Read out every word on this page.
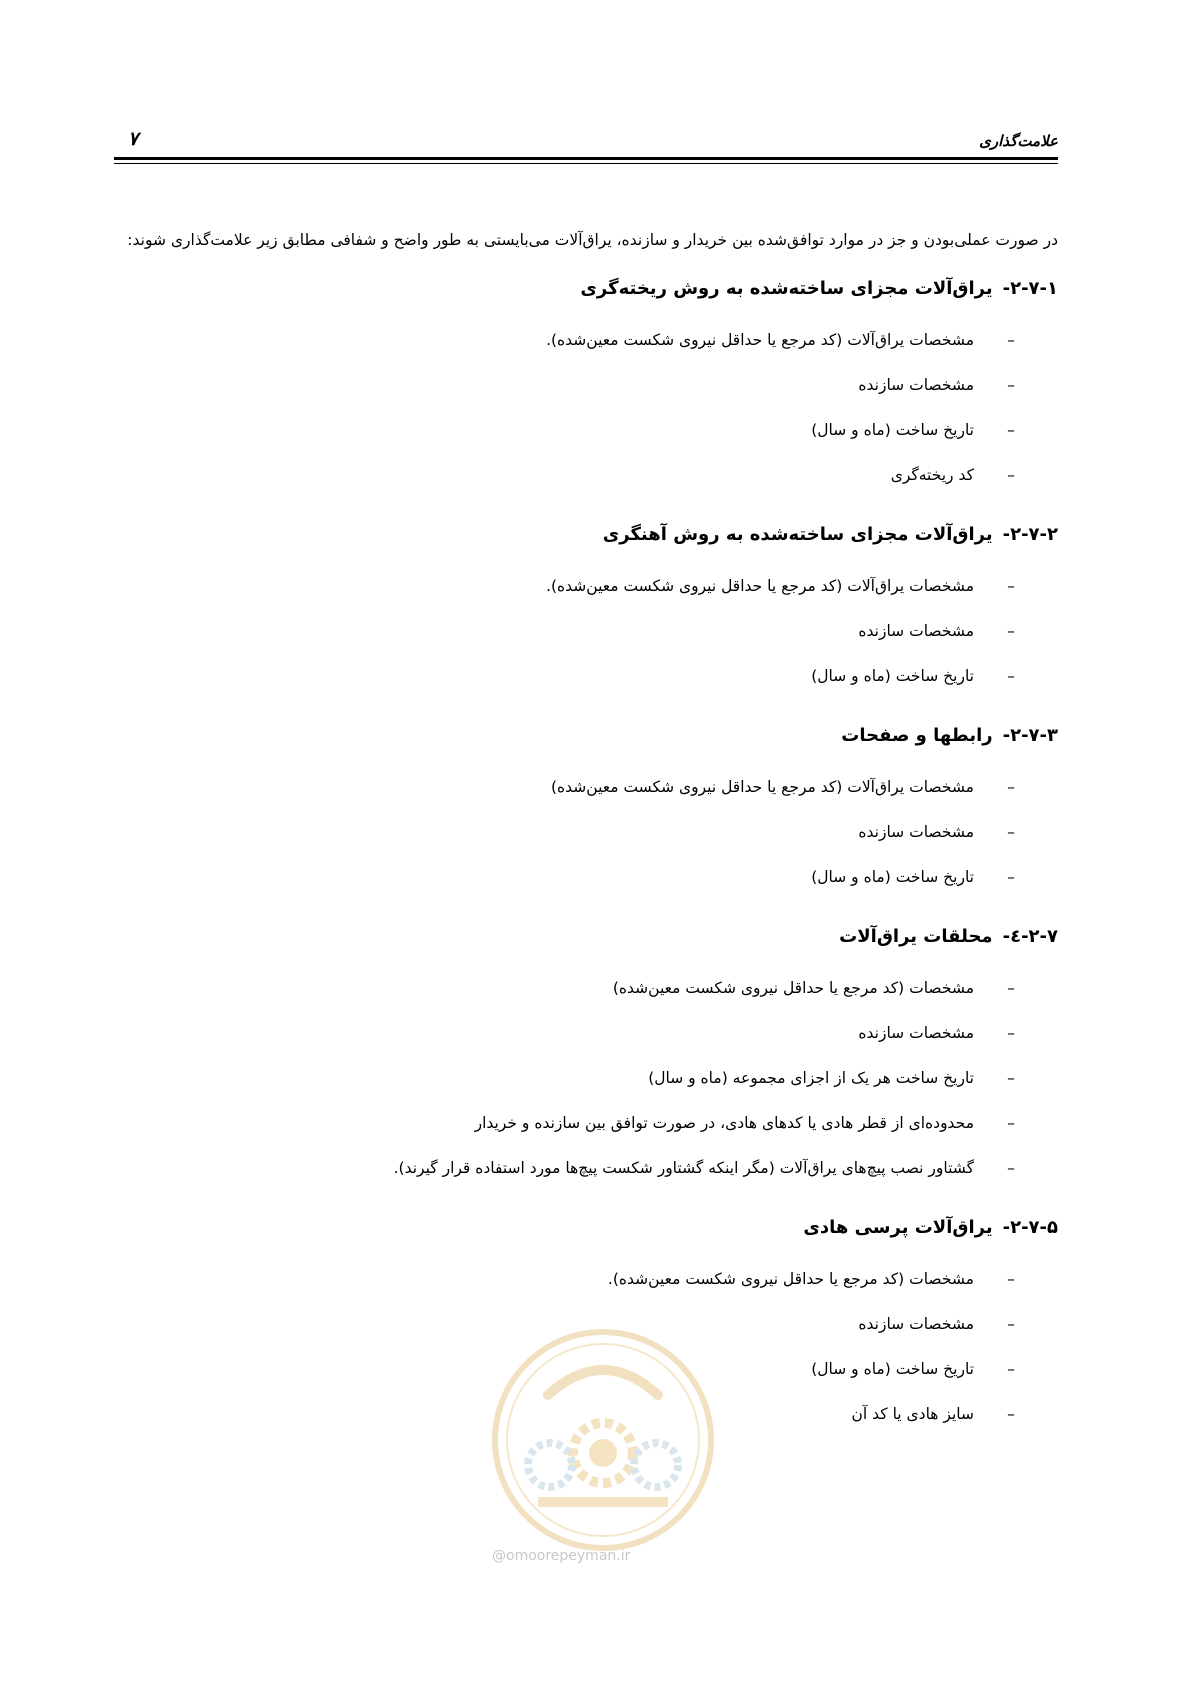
علامت‌گذاری
۷

در صورت عملی‌بودن و جز در موارد توافق‌شده بین خریدار و سازنده، یراق‌آلات می‌بایستی به طور واضح و شفافی مطابق زیر علامت‌گذاری شوند:

۲-۷-۱-یراق‌آلات مجزای ساخته‌شده به روش ریخته‌گری
–
مشخصات یراق‌آلات (کد مرجع یا حداقل نیروی شکست معین‌شده).
–
مشخصات سازنده
–
تاریخ ساخت (ماه و سال)
–
کد ریخته‌گری
۲-۷-۲-یراق‌آلات مجزای ساخته‌شده به روش آهنگری
–
مشخصات یراق‌آلات (کد مرجع یا حداقل نیروی شکست معین‌شده).
–
مشخصات سازنده
–
تاریخ ساخت (ماه و سال)
۲-۷-۳-رابطها و صفحات
–
مشخصات یراق‌آلات (کد مرجع یا حداقل نیروی شکست معین‌شده)
–
مشخصات سازنده
–
تاریخ ساخت (ماه و سال)
۲-۷-٤-محلقات یراق‌آلات
–
مشخصات (کد مرجع یا حداقل نیروی شکست معین‌شده)
–
مشخصات سازنده
–
تاریخ ساخت هر یک از اجزای مجموعه (ماه و سال)
–
محدوده‌ای از قطر هادی یا کدهای هادی، در صورت توافق بین سازنده و خریدار
–
گشتاور نصب پیچ‌های یراق‌آلات (مگر اینکه گشتاور شکست پیچ‌ها مورد استفاده قرار گیرند).
۲-۷-۵-یراق‌آلات پرسی هادی
–
مشخصات (کد مرجع یا حداقل نیروی شکست معین‌شده).
–
مشخصات سازنده
–
تاریخ ساخت (ماه و سال)
–
سایز هادی یا کد آن
@omoorepeyman.ir
